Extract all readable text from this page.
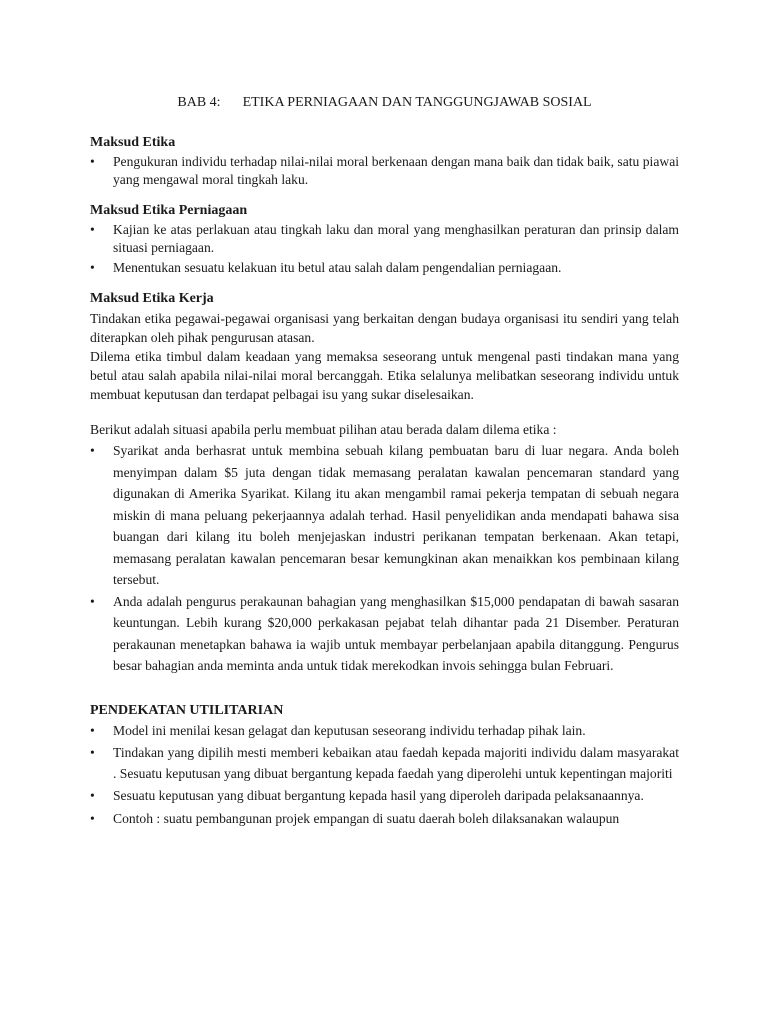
BAB 4: ETIKA PERNIAGAAN DAN TANGGUNGJAWAB SOSIAL
Maksud Etika
•	Pengukuran individu terhadap nilai-nilai moral berkenaan dengan mana baik dan tidak baik, satu piawai yang mengawal moral tingkah laku.
Maksud Etika Perniagaan
•	Kajian ke atas perlakuan atau tingkah laku dan moral yang menghasilkan peraturan dan prinsip dalam situasi perniagaan.
•	Menentukan sesuatu kelakuan itu betul atau salah dalam pengendalian perniagaan.
Maksud Etika Kerja

Tindakan etika pegawai-pegawai organisasi yang berkaitan dengan budaya organisasi itu sendiri yang telah diterapkan oleh pihak pengurusan atasan.

Dilema etika timbul dalam keadaan yang memaksa seseorang untuk mengenal pasti tindakan mana yang betul atau salah apabila nilai-nilai moral bercanggah. Etika selalunya melibatkan seseorang individu untuk membuat keputusan dan terdapat pelbagai isu yang sukar diselesaikan.

Berikut adalah situasi apabila perlu membuat pilihan atau berada dalam dilema etika :

•	Syarikat anda berhasrat untuk membina sebuah kilang pembuatan baru di luar negara. Anda boleh menyimpan dalam $5 juta dengan tidak memasang peralatan kawalan pencemaran standard yang digunakan di Amerika Syarikat. Kilang itu akan mengambil ramai pekerja tempatan di sebuah negara miskin di mana peluang pekerjaannya adalah terhad. Hasil penyelidikan anda mendapati bahawa sisa buangan dari kilang itu boleh menjejaskan industri perikanan tempatan berkenaan. Akan tetapi, memasang peralatan kawalan pencemaran besar kemungkinan akan menaikkan kos pembinaan kilang tersebut.
•	Anda adalah pengurus perakaunan bahagian yang menghasilkan $15,000 pendapatan di bawah sasaran keuntungan. Lebih kurang $20,000 perkakasan pejabat telah dihantar pada 21 Disember. Peraturan perakaunan menetapkan bahawa ia wajib untuk membayar perbelanjaan apabila ditanggung. Pengurus besar bahagian anda meminta anda untuk tidak merekodkan invois sehingga bulan Februari.
PENDEKATAN UTILITARIAN
•	Model ini menilai kesan gelagat dan keputusan seseorang individu terhadap pihak lain.
•	Tindakan yang dipilih mesti memberi kebaikan atau faedah kepada majoriti individu dalam masyarakat . Sesuatu keputusan yang dibuat bergantung kepada faedah yang diperolehi untuk kepentingan majoriti
•	Sesuatu keputusan yang dibuat bergantung kepada hasil yang diperoleh daripada pelaksanaannya.
•	Contoh : suatu pembangunan projek empangan di suatu daerah boleh dilaksanakan walaupun
